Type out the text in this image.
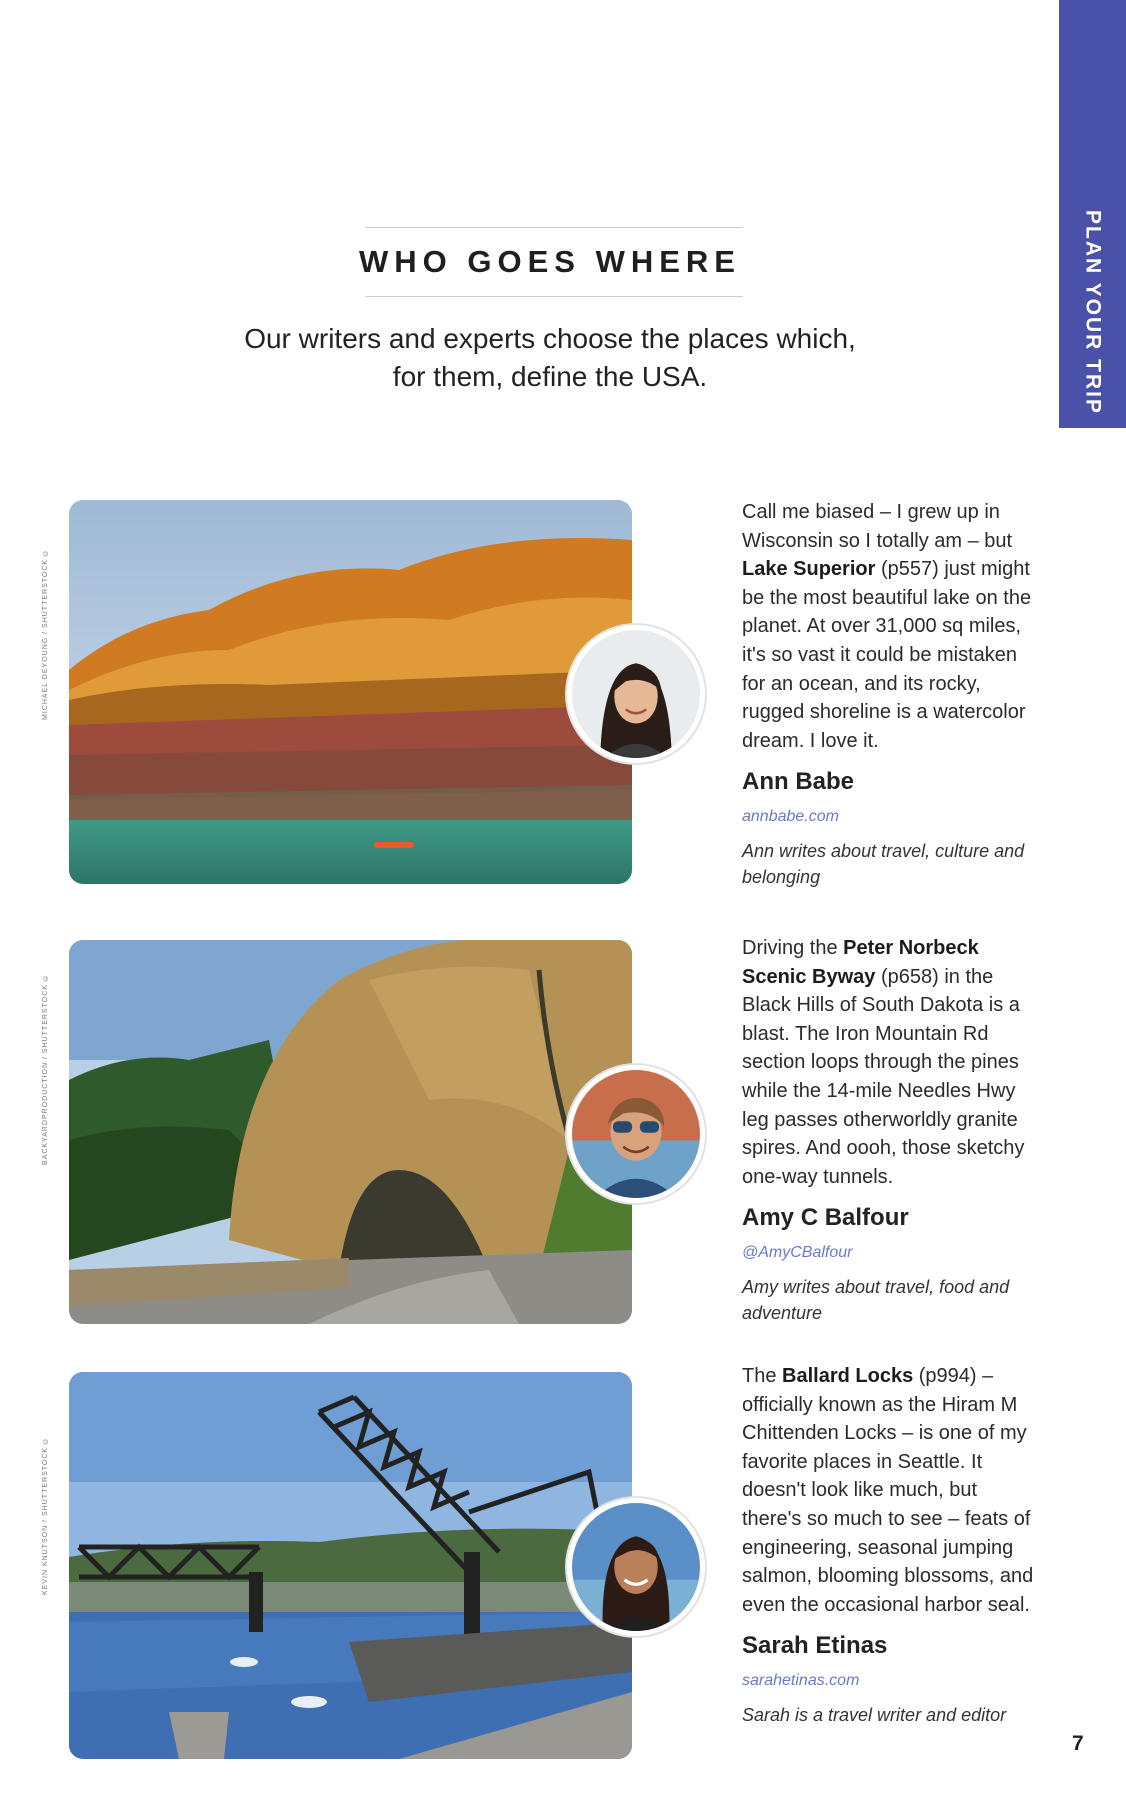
PLAN YOUR TRIP
WHO GOES WHERE
Our writers and experts choose the places which,
for them, define the USA.
MICHAEL DEYOUNG / SHUTTERSTOCK ©
Call me biased – I grew up in Wisconsin so I totally am – but Lake Superior (p557) just might be the most beautiful lake on the planet. At over 31,000 sq miles, it's so vast it could be mistaken for an ocean, and its rocky, rugged shoreline is a watercolor dream. I love it.
Ann Babe
annbabe.com
Ann writes about travel, culture and belonging
BACKYARDPRODUCTION / SHUTTERSTOCK ©
Driving the Peter Norbeck Scenic Byway (p658) in the Black Hills of South Dakota is a blast. The Iron Mountain Rd section loops through the pines while the 14-mile Needles Hwy leg passes otherworldly granite spires. And oooh, those sketchy one-way tunnels.
Amy C Balfour
@AmyCBalfour
Amy writes about travel, food and adventure
KEVIN KNUTSON / SHUTTERSTOCK ©
The Ballard Locks (p994) – officially known as the Hiram M Chittenden Locks – is one of my favorite places in Seattle. It doesn't look like much, but there's so much to see – feats of engineering, seasonal jumping salmon, blooming blossoms, and even the occasional harbor seal.
Sarah Etinas
sarahetinas.com
Sarah is a travel writer and editor
7
